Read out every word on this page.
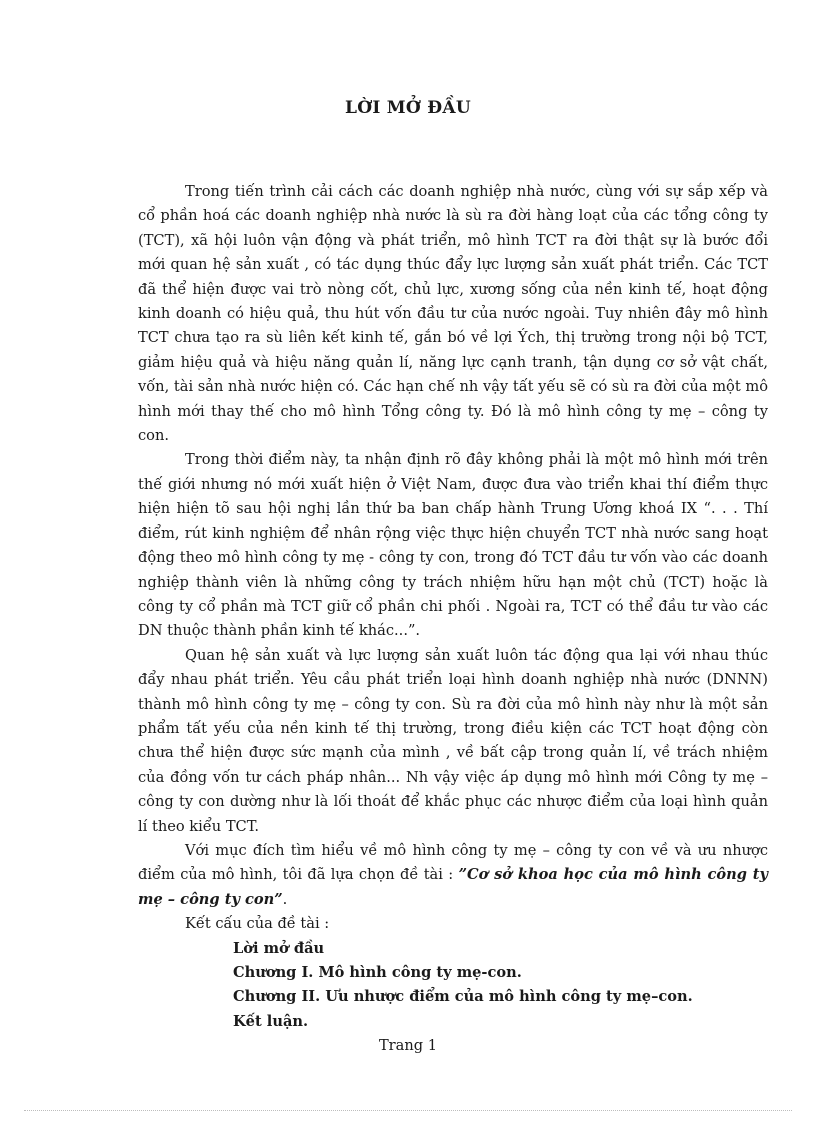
LỜI MỞ ĐẦU

Trong tiến trình cải cách các doanh nghiệp nhà nước, cùng với sự sắp xếp và cổ phần hoá các doanh nghiệp nhà nước là sù ra đời hàng loạt của các tổng công ty (TCT), xã hội luôn vận động và phát triển, mô hình TCT ra đời thật sự là bước đổi mới quan hệ sản xuất , có tác dụng thúc đẩy lực lượng sản xuất phát triển. Các TCT đã thể hiện được vai trò nòng cốt, chủ lực, xương sống của nền kinh tế, hoạt động kinh doanh có hiệu quả, thu hút vốn đầu tư của nước ngoài. Tuy nhiên đây mô hình TCT chưa tạo ra sù liên kết kinh tế, gắn bó về lợi Ých, thị trường trong nội bộ TCT, giảm hiệu quả và hiệu năng quản lí, năng lực cạnh tranh, tận dụng cơ sở vật chất, vốn, tài sản nhà nước hiện có. Các hạn chế nh vậy tất yếu sẽ có sù ra đời của một mô hình mới thay thế cho mô hình Tổng công ty. Đó là mô hình công ty mẹ – công ty con.

Trong thời điểm này, ta nhận định rõ đây không phải là một mô hình mới trên thế giới nhưng nó mới xuất hiện ở Việt Nam, được đưa vào triển khai thí điểm thực hiện hiện tõ sau hội nghị lần thứ ba ban chấp hành Trung Ương khoá IX “. . . Thí điểm, rút kinh nghiệm để nhân rộng việc thực hiện chuyển TCT nhà nước sang hoạt động theo mô hình công ty mẹ - công ty con, trong đó TCT đầu tư vốn vào các doanh nghiệp thành viên là những công ty trách nhiệm hữu hạn một chủ (TCT) hoặc là công ty cổ phần mà TCT giữ cổ phần chi phối . Ngoài ra, TCT có thể đầu tư vào các DN thuộc thành phần kinh tế khác...”.

Quan hệ sản xuất và lực lượng sản xuất luôn tác động qua lại với nhau thúc đẩy nhau phát triển. Yêu cầu phát triển loại hình doanh nghiệp nhà nước (DNNN) thành mô hình công ty mẹ – công ty con. Sù ra đời của mô hình này như là một sản phẩm tất yếu của nền kinh tế thị trường, trong điều kiện các TCT hoạt động còn chưa thể hiện được sức mạnh của mình , về bất cập trong quản lí, về trách nhiệm của đồng vốn tư cách pháp nhân... Nh vậy việc áp dụng mô hình mới Công ty mẹ – công ty con dường như là lối thoát để khắc phục các nhược điểm của loại hình quản lí theo kiểu TCT.

Với mục đích tìm hiểu về mô hình công ty mẹ – công ty con về và ưu nhược điểm của mô hình, tôi đã lựa chọn đề tài : ”Cơ sở khoa học của mô hình công ty mẹ – công ty con”.

Kết cấu của đề tài :

Lời mở đầu
Chương I. Mô hình công ty mẹ-con.
Chương II. Ưu nhược điểm của mô hình công ty mẹ–con.
Kết luận.
Trang 1
